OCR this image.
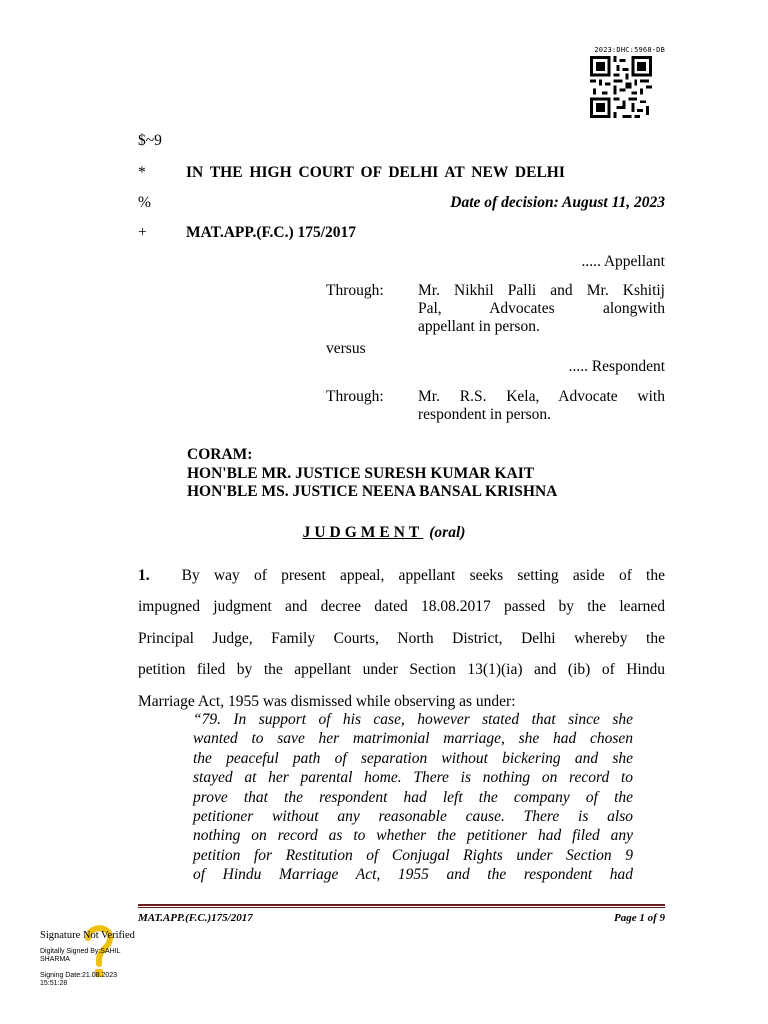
2023:DHC:5968-DB
$~9
*	IN THE HIGH COURT OF DELHI AT NEW DELHI
%	Date of decision: August 11, 2023
+	MAT.APP.(F.C.) 175/2017
..... Appellant
Through: Mr. Nikhil Palli and Mr. Kshitij
Pal, Advocates alongwith
appellant in person.
versus
..... Respondent
Through: Mr. R.S. Kela, Advocate with
respondent in person.
CORAM:
HON'BLE MR. JUSTICE SURESH KUMAR KAIT
HON'BLE MS. JUSTICE NEENA BANSAL KRISHNA
JUDGMENT (oral)
1. By way of present appeal, appellant seeks setting aside of the
impugned judgment and decree dated 18.08.2017 passed by the learned
Principal Judge, Family Courts, North District, Delhi whereby the
petition filed by the appellant under Section 13(1)(ia) and (ib) of Hindu
Marriage Act, 1955 was dismissed while observing as under:
“79. In support of his case, however stated that since she
wanted to save her matrimonial marriage, she had chosen
the peaceful path of separation without bickering and she
stayed at her parental home. There is nothing on record to
prove that the respondent had left the company of the
petitioner without any reasonable cause. There is also
nothing on record as to whether the petitioner had filed any
petition for Restitution of Conjugal Rights under Section 9
of Hindu Marriage Act, 1955 and the respondent had
MAT.APP.(F.C.)175/2017	Page 1 of 9
Signature Not Verified
Digitally Signed By:SAHIL
SHARMA
Signing Date:21.08.2023
15:51:28
